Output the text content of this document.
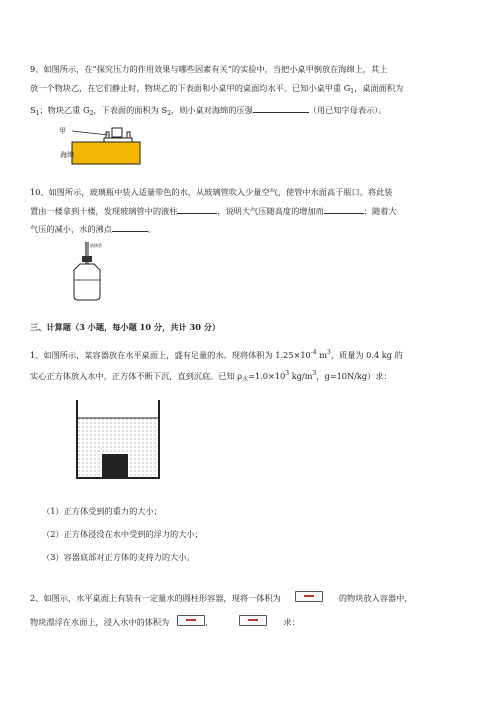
9、如图所示，在“探究压力的作用效果与哪些因素有关”的实验中，当把小桌甲倒放在海绵上，其上
放一个物块乙，在它们静止时，物块乙的下表面和小桌甲的桌面均水平。已知小桌甲重 $G_1$，桌面面积为
$S_1$；物块乙重 $G_2$，下表面的面积为 $S_2$，则小桌对海绵的压强	（用已知字母表示）。
甲
海绵
10、如图所示，玻璃瓶中装入适量带色的水，从玻璃管吹入少量空气，使管中水面高于瓶口。将此装
置由一楼拿到十楼，发现玻璃管中的液柱	，说明大气压随高度的增加而	；随着大
气压的减小，水的沸点	。
玻璃管
三、计算题（3 小题，每小题 10 分，共计 30 分）
1、如图所示，某容器放在水平桌面上，盛有足量的水。现将体积为 $1.25\times 10^{-4}$ $m^3$，质量为 0.4 kg 的
实心正方体放入水中，正方体不断下沉，直到沉底。已知 $\rho_水=1.0\times 10^3$ $kg/m^3$，g=10N/kg）求：
（1）正方体受到的重力的大小；
（2）正方体浸没在水中受到的浮力的大小；
（3）容器底部对正方体的支持力的大小。
2、如图示，水平桌面上有装有一定量水的圆柱形容器，现将一体积为	的物块放入容器中，
物块漂浮在水面上，浸入水中的体积为	，	求：
